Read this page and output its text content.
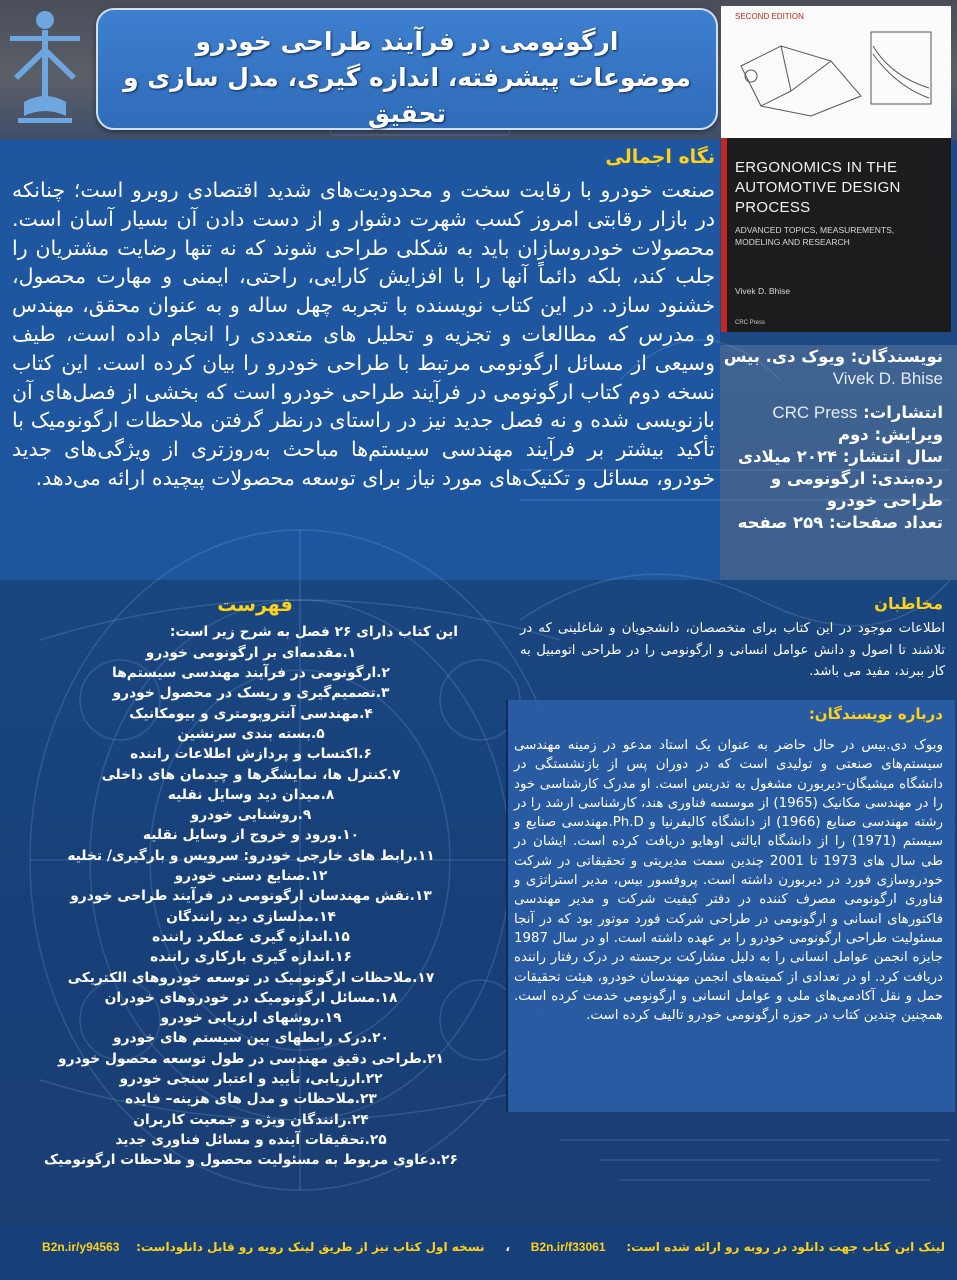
ارگونومی در فرآیند طراحی خودرو
موضوعات پیشرفته، اندازه گیری، مدل سازی و تحقیق
SECOND EDITION
ERGONOMICS IN THE AUTOMOTIVE DESIGN PROCESS
ADVANCED TOPICS, MEASUREMENTS, MODELING AND RESEARCH
Vivek D. Bhise
CRC Press
نگاه اجمالی
صنعت خودرو با رقابت سخت و محدودیت‌های شدید اقتصادی روبرو است؛ چنانکه در بازار رقابتی امروز کسب شهرت دشوار و از دست دادن آن بسیار آسان است. محصولات خودروسازان باید به شکلی طراحی شوند که نه تنها رضایت مشتریان را جلب کند، بلکه دائماً آنها را با افزایش کارایی، راحتی، ایمنی و مهارت محصول، خشنود سازد. در این کتاب نویسنده با تجربه چهل ساله و به عنوان محقق، مهندس و مدرس که مطالعات و تجزیه و تحلیل های متعددی را انجام داده است، طیف وسیعی از مسائل ارگونومی مرتبط با طراحی خودرو را بیان کرده است. این کتاب نسخه دوم کتاب ارگونومی در فرآیند طراحی خودرو است که بخشی از فصل‌های آن بازنویسی شده و نه فصل جدید نیز در راستای درنظر گرفتن ملاحظات ارگونومیک با تأکید بیشتر بر فرآیند مهندسی سیستم‌ها مباحث به‌روزتری از ویژگی‌های جدید خودرو، مسائل و تکنیک‌های مورد نیاز برای توسعه محصولات پیچیده ارائه می‌دهد.
نویسندگان: ویوک دی. بیس
Vivek D. Bhise
انتشارات: CRC Press
ویرایش: دوم
سال انتشار: ۲۰۲۴ میلادی
رده‌بندی: ارگونومی و طراحی خودرو
تعداد صفحات: ۲۵۹ صفحه
فهرست
این کتاب دارای ۲۶ فصل به شرح زیر است:
۱.مقدمه‌ای بر ارگونومی خودرو
۲.ارگونومی در فرآیند مهندسی سیستم‌ها
۳.تصمیم‌گیری و ریسک در محصول خودرو
۴.مهندسی آنتروپومتری و بیومکانیک
۵.بسته بندی سرنشین
۶.اکتساب و پردازش اطلاعات راننده
۷.کنترل ها، نمایشگرها و چیدمان های داخلی
۸.میدان دید وسایل نقلیه
۹.روشنایی خودرو
۱۰.ورود و خروج از وسایل نقلیه
۱۱.رابط های خارجی خودرو: سرویس و بارگیری/ تخلیه
۱۲.صنایع دستی خودرو
۱۳.نقش مهندسان ارگونومی در فرآیند طراحی خودرو
۱۴.مدلسازی دید رانندگان
۱۵.اندازه گیری عملکرد راننده
۱۶.اندازه گیری بارکاری راننده
۱۷.ملاحظات ارگونومیک در توسعه خودروهای الکتریکی
۱۸.مسائل ارگونومیک در خودروهای خودران
۱۹.روشهای ارزیابی خودرو
۲۰.درک رابطهای بین سیستم های خودرو
۲۱.طراحی دقیق مهندسی در طول توسعه محصول خودرو
۲۲.ارزیابی، تأیید و اعتبار سنجی خودرو
۲۳.ملاحظات و مدل های هزینه– فایده
۲۴.رانندگان ویژه و جمعیت کاربران
۲۵.تحقیقات آینده و مسائل فناوری جدید
۲۶.دعاوی مربوط به مسئولیت محصول و ملاحظات ارگونومیک
مخاطبان
اطلاعات موجود در این کتاب برای متخصصان، دانشجویان و شاغلینی که در تلاشند تا اصول و دانش عوامل انسانی و ارگونومی را در طراحی اتومبیل به کار ببرند، مفید می باشد.
درباره نویسندگان:
ویوک دی.بیس در حال حاضر به عنوان یک استاد مدعو در زمینه مهندسی سیستم‌های صنعتی و تولیدی است که در دوران پس از بازنشستگی در دانشگاه میشیگان-دیربورن مشغول به تدریس است. او مدرک کارشناسی خود را در مهندسی مکانیک (1965) از موسسه فناوری هند، کارشناسی ارشد را در رشته مهندسی صنایع (1966) از دانشگاه کالیفرنیا و Ph.D.مهندسی صنایع و سیستم (1971) را از دانشگاه ایالتی اوهایو دریافت کرده است. ایشان در طی سال های 1973 تا 2001 چندین سمت مدیریتی و تحقیقاتی در شرکت خودروسازی فورد در دیربورن داشته است. پروفسور بیس، مدیر استراتژی و فناوری ارگونومی مصرف کننده در دفتر کیفیت شرکت و مدیر مهندسی فاکتورهای انسانی و ارگونومی در طراحی شرکت فورد موتور بود که در آنجا مسئولیت طراحی ارگونومی خودرو را بر عهده داشته است. او در سال 1987 جایزه انجمن عوامل انسانی را به دلیل مشارکت برجسته در درک رفتار راننده دریافت کرد. او در تعدادی از کمیته‌های انجمن مهندسان خودرو، هیئت تحقیقات حمل و نقل آکادمی‌های ملی و عوامل انسانی و ارگونومی خدمت کرده است. همچنین چندین کتاب در حوزه ارگونومی خودرو تالیف کرده است.
لینک این کتاب جهت دانلود در روبه رو ارائه شده است:     B2n.ir/f33061     ،     نسخه اول کتاب نیز از طریق لینک روبه رو قابل دانلوداست:    B2n.ir/y94563
